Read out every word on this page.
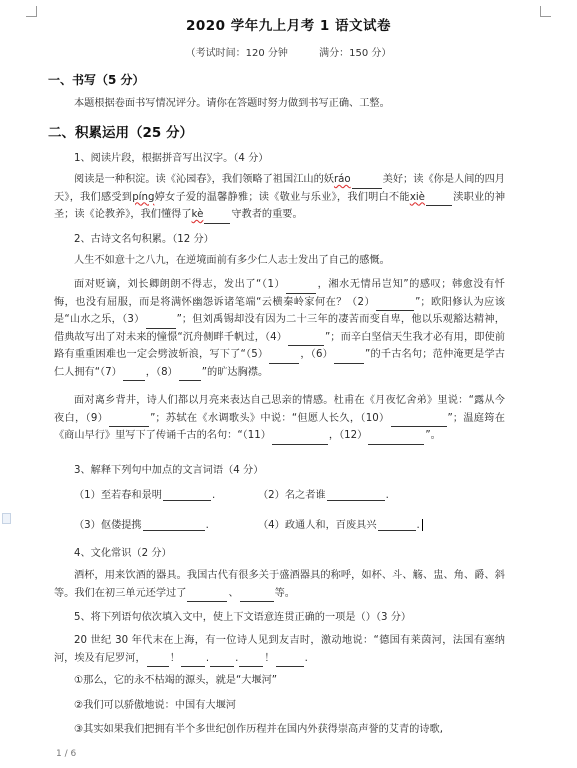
2020 学年九上月考 1 语文试卷
（考试时间：120 分钟	满分：150 分）
一、书写（5 分）
本题根据卷面书写情况评分。请你在答题时努力做到书写正确、工整。
二、积累运用（25 分）
1、阅读片段，根据拼音写出汉字。（4 分）
阅读是一种积淀。读《沁园春》，我们领略了祖国江山的妖ráo	美好；读《你是人间的四月天》，我们感受到píng婷女子爱的温馨静雅；读《敬业与乐业》，我们明白不能xiè	渎职业的神圣；读《论教养》，我们懂得了kè	守教者的重要。
2、古诗文名句积累。（12 分）
人生不如意十之八九，在逆境面前有多少仁人志士发出了自己的感慨。
面对贬谪，刘长卿朗朗不得志，发出了“（1）	，湘水无情吊岂知”的感叹；韩愈没有忏悔，也没有屈服，而是将满怀幽怨诉诸笔端“云横秦岭家何在？（2）	”；欧阳修认为应该是“山水之乐，（3）	”；但刘禹锡却没有因为二十三年的凄苦而变自卑，他以乐观豁达精神，借典故写出了对未来的憧憬“沉舟侧畔千帆过，（4）	”；而辛白坚信天生我才必有用，即使前路有重重困难也一定会劈波斩浪，写下了“（5）	，（6）	”的千古名句；范仲淹更是学古仁人拥有“（7） ，（8） ”的旷达胸襟。
面对离乡背井，诗人们都以月亮来表达自己思亲的情感。杜甫在《月夜忆舍弟》里说：“露从今夜白，（9）	”；苏轼在《水调歌头》中说：“但愿人长久，（10）	”；温庭筠在《商山早行》里写下了传诵千古的名句：“（11）	，（12）	”。
3、解释下列句中加点的文言词语（4 分）
（1）至若春和景明	.	（2）名之者谁	.
（3）伛偻提携	.	（4）政通人和，百废具兴	.
4、文化常识（2 分）
酒杯，用来饮酒的器具。我国古代有很多关于盛酒器具的称呼，如杯、斗、觞、盅、角、爵、斜等。我们在初三单元还学过了	、	等。
5、将下列语句依次填入文中，使上下文语意连贯正确的一项是（）（3 分）
20 世纪 30 年代末在上海，有一位诗人见到友吉时，激动地说：“德国有莱茵河，法国有塞纳河，埃及有尼罗河， ！	.	.	！	.
①那么，它的永不枯竭的源头，就是“大堰河”
②我们可以骄傲地说：中国有大堰河
③其实如果我们把拥有半个多世纪创作历程并在国内外获得崇高声誉的艾青的诗歌,
1 / 6
